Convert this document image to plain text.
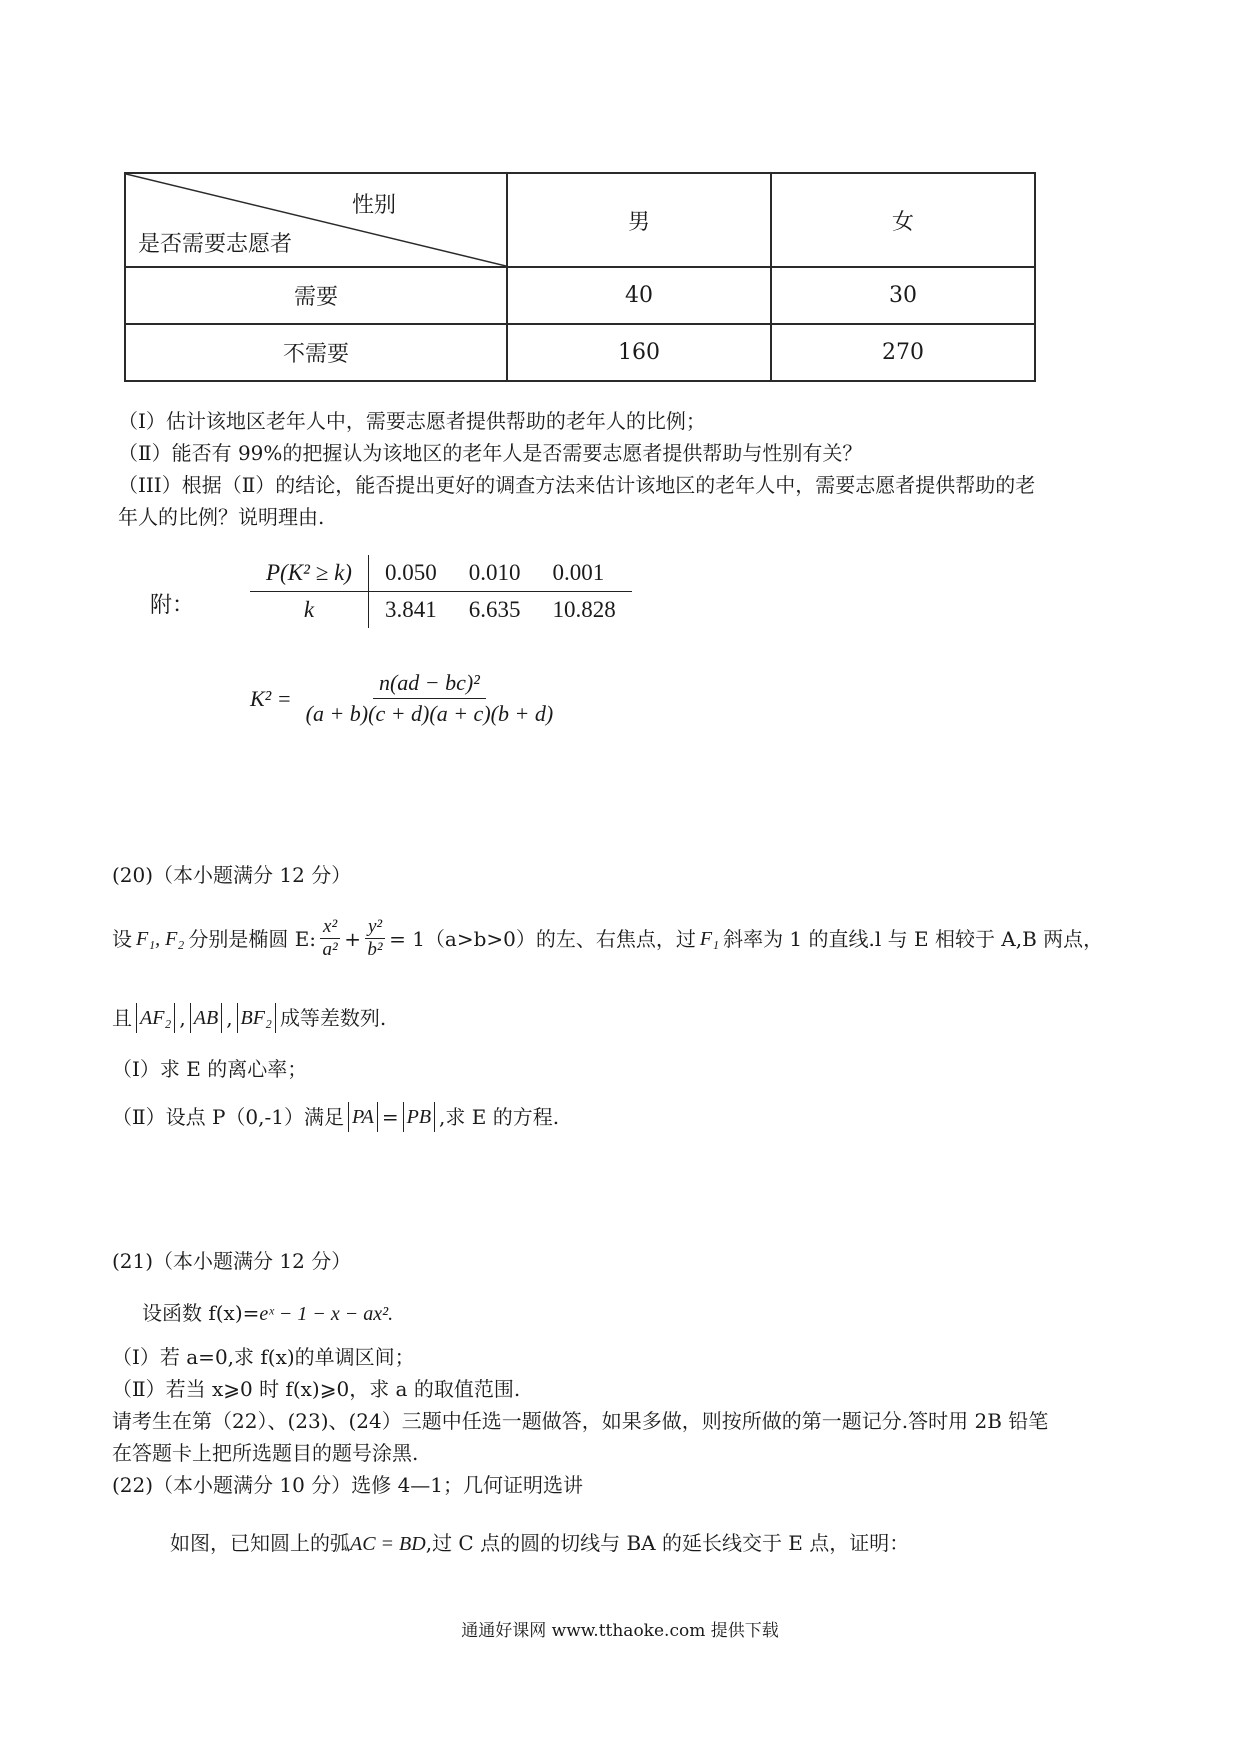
性别
是否需要志愿者	男	女
需要	40	30
不需要	160	270
（Ⅰ）估计该地区老年人中，需要志愿者提供帮助的老年人的比例；
（Ⅱ）能否有 99%的把握认为该地区的老年人是否需要志愿者提供帮助与性别有关？
（III）根据（Ⅱ）的结论，能否提出更好的调查方法来估计该地区的老年人中，需要志愿者提供帮助的老
年人的比例？说明理由.
附：
P(K² ≥ k)	0.050	0.010	0.001
k	3.841	6.635	10.828
$K^2 = \frac{\text{n(ad − bc)²}}{(a + b)(c + d)(a + c)(b + d)}$
(20)（本小题满分 12 分）
设 F₁, F₂ 分别是椭圆 E: $\frac{\text{x²}}{\text{a²}} + \frac{\text{y²}}{\text{b²}} = 1(a>b>0)$的左、右焦点，过 F₁ 斜率为 1 的直线.l 与 E 相较于 A,B 两点，
且 AF₂ , AB , BF₂ 成等差数列.
（Ⅰ）求 E 的离心率；
（Ⅱ）设点 P（0,-1）满足 PA = PB ,求 E 的方程.
(21)（本小题满分 12 分）
设函数 f(x)=eˣ − 1 − x − ax².
（Ⅰ）若 a=0,求 f(x)的单调区间；
（Ⅱ）若当 x⩾0 时 f(x)⩾0，求 a 的取值范围.
请考生在第（22）、(23)、(24）三题中任选一题做答，如果多做，则按所做的第一题记分.答时用 2B 铅笔
在答题卡上把所选题目的题号涂黑.
(22)（本小题满分 10 分）选修 4—1；几何证明选讲
如图，已知圆上的弧AC = BD,过 C 点的圆的切线与 BA 的延长线交于 E 点，证明：
通通好课网 www.tthaoke.com 提供下载
